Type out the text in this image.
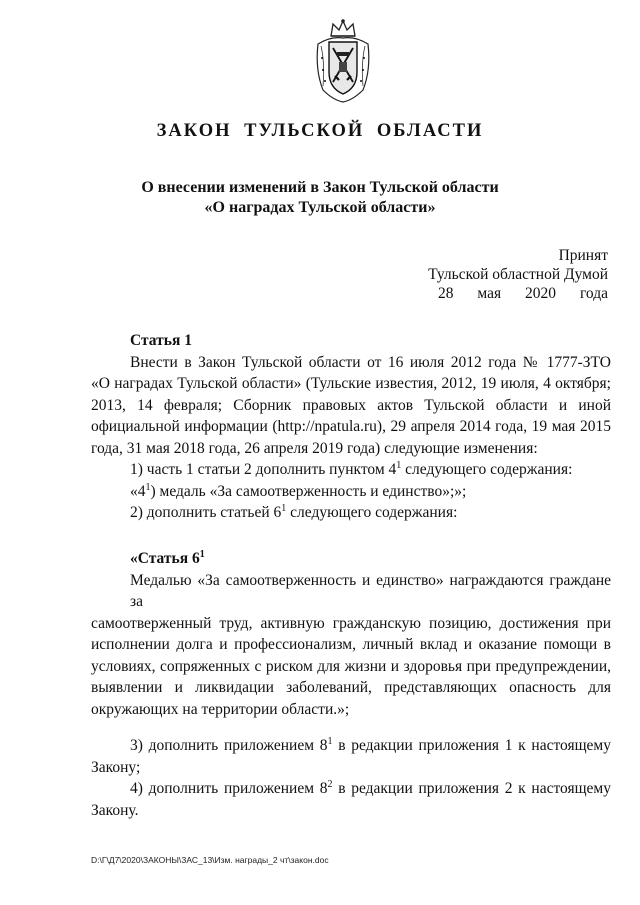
ЗАКОН ТУЛЬСКОЙ ОБЛАСТИ
О внесении изменений в Закон Тульской области
«О наградах Тульской области»
Принят
Тульской областной Думой
28 мая 2020 года

Статья 1

Внести в Закон Тульской области от 16 июля 2012 года № 1777-ЗТО

«О наградах Тульской области» (Тульские известия, 2012, 19 июля, 4 октября;

2013, 14 февраля; Сборник правовых актов Тульской области и иной

официальной информации (http://npatula.ru), 29 апреля 2014 года, 19 мая 2015

года, 31 мая 2018 года, 26 апреля 2019 года) следующие изменения:

1) часть 1 статьи 2 дополнить пунктом $4^1$ следующего содержания:

«$4^1$) медаль «За самоотверженность и единство»;»;

2) дополнить статьей $6^1$ следующего содержания:

«Статья $6^1$

Медалью «За самоотверженность и единство» награждаются граждане за

самоотверженный труд, активную гражданскую позицию, достижения при

исполнении долга и профессионализм, личный вклад и оказание помощи в

условиях, сопряженных с риском для жизни и здоровья при предупреждении,

выявлении и ликвидации заболеваний, представляющих опасность для

окружающих на территории области.»;

3) дополнить приложением $8^1$ в редакции приложения 1 к настоящему

Закону;

4) дополнить приложением $8^2$ в редакции приложения 2 к настоящему

Закону.

D:\Г\Д7\2020\ЗАКОНЫ\ЗАС_13\Изм. награды_2 чт\закон.doc
